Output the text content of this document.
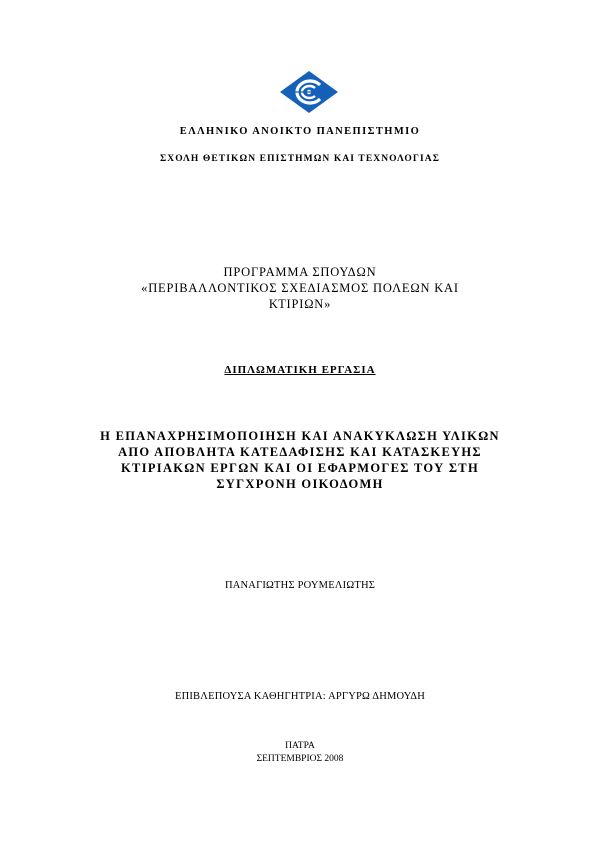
ΕΛΛΗΝΙΚΟ ΑΝΟΙΚΤΟ ΠΑΝΕΠΙΣΤΗΜΙΟ

ΣΧΟΛΗ ΘΕΤΙΚΩΝ ΕΠΙΣΤΗΜΩΝ ΚΑΙ ΤΕΧΝΟΛΟΓΙΑΣ

ΠΡΟΓΡΑΜΜΑ ΣΠΟΥΔΩΝ
«ΠΕΡΙΒΑΛΛΟΝΤΙΚΟΣ ΣΧΕΔΙΑΣΜΟΣ ΠΟΛΕΩΝ ΚΑΙ
ΚΤΙΡΙΩΝ»

ΔΙΠΛΩΜΑΤΙΚΗ ΕΡΓΑΣΙΑ

Η ΕΠΑΝΑΧΡΗΣΙΜΟΠΟΙΗΣΗ ΚΑΙ ΑΝΑΚΥΚΛΩΣΗ ΥΛΙΚΩΝ
ΑΠΟ ΑΠΟΒΛΗΤΑ ΚΑΤΕΔΑΦΙΣΗΣ ΚΑΙ ΚΑΤΑΣΚΕΥΗΣ
ΚΤΙΡΙΑΚΩΝ ΕΡΓΩΝ ΚΑΙ ΟΙ ΕΦΑΡΜΟΓΕΣ ΤΟΥ ΣΤΗ
ΣΥΓΧΡΟΝΗ ΟΙΚΟΔΟΜΗ

ΠΑΝΑΓΙΩΤΗΣ ΡΟΥΜΕΛΙΩΤΗΣ

ΕΠΙΒΛΕΠΟΥΣΑ ΚΑΘΗΓΗΤΡΙΑ: ΑΡΓΥΡΩ ΔΗΜΟΥΔΗ

ΠΑΤΡΑ

ΣΕΠΤΕΜΒΡΙΟΣ 2008
